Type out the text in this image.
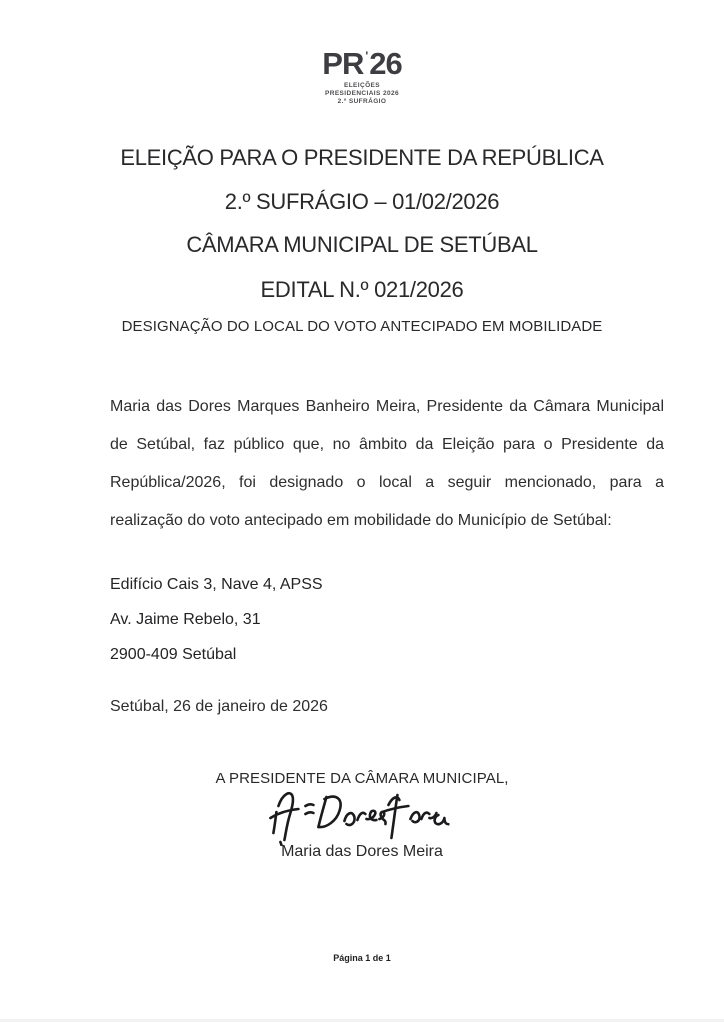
PR '26
ELEIÇÕES
PRESIDENCIAIS 2026
2.º SUFRÁGIO
ELEIÇÃO PARA O PRESIDENTE DA REPÚBLICA
2.º SUFRÁGIO – 01/02/2026
CÂMARA MUNICIPAL DE SETÚBAL
EDITAL N.º 021/2026
DESIGNAÇÃO DO LOCAL DO VOTO ANTECIPADO EM MOBILIDADE
Maria das Dores Marques Banheiro Meira, Presidente da Câmara Municipal
de Setúbal, faz público que, no âmbito da Eleição para o Presidente da
República/2026, foi designado o local a seguir mencionado, para a
realização do voto antecipado em mobilidade do Município de Setúbal:
Edifício Cais 3, Nave 4, APSS
Av. Jaime Rebelo, 31
2900-409 Setúbal
Setúbal, 26 de janeiro de 2026
A PRESIDENTE DA CÂMARA MUNICIPAL,
Maria das Dores Meira
Página 1 de 1
